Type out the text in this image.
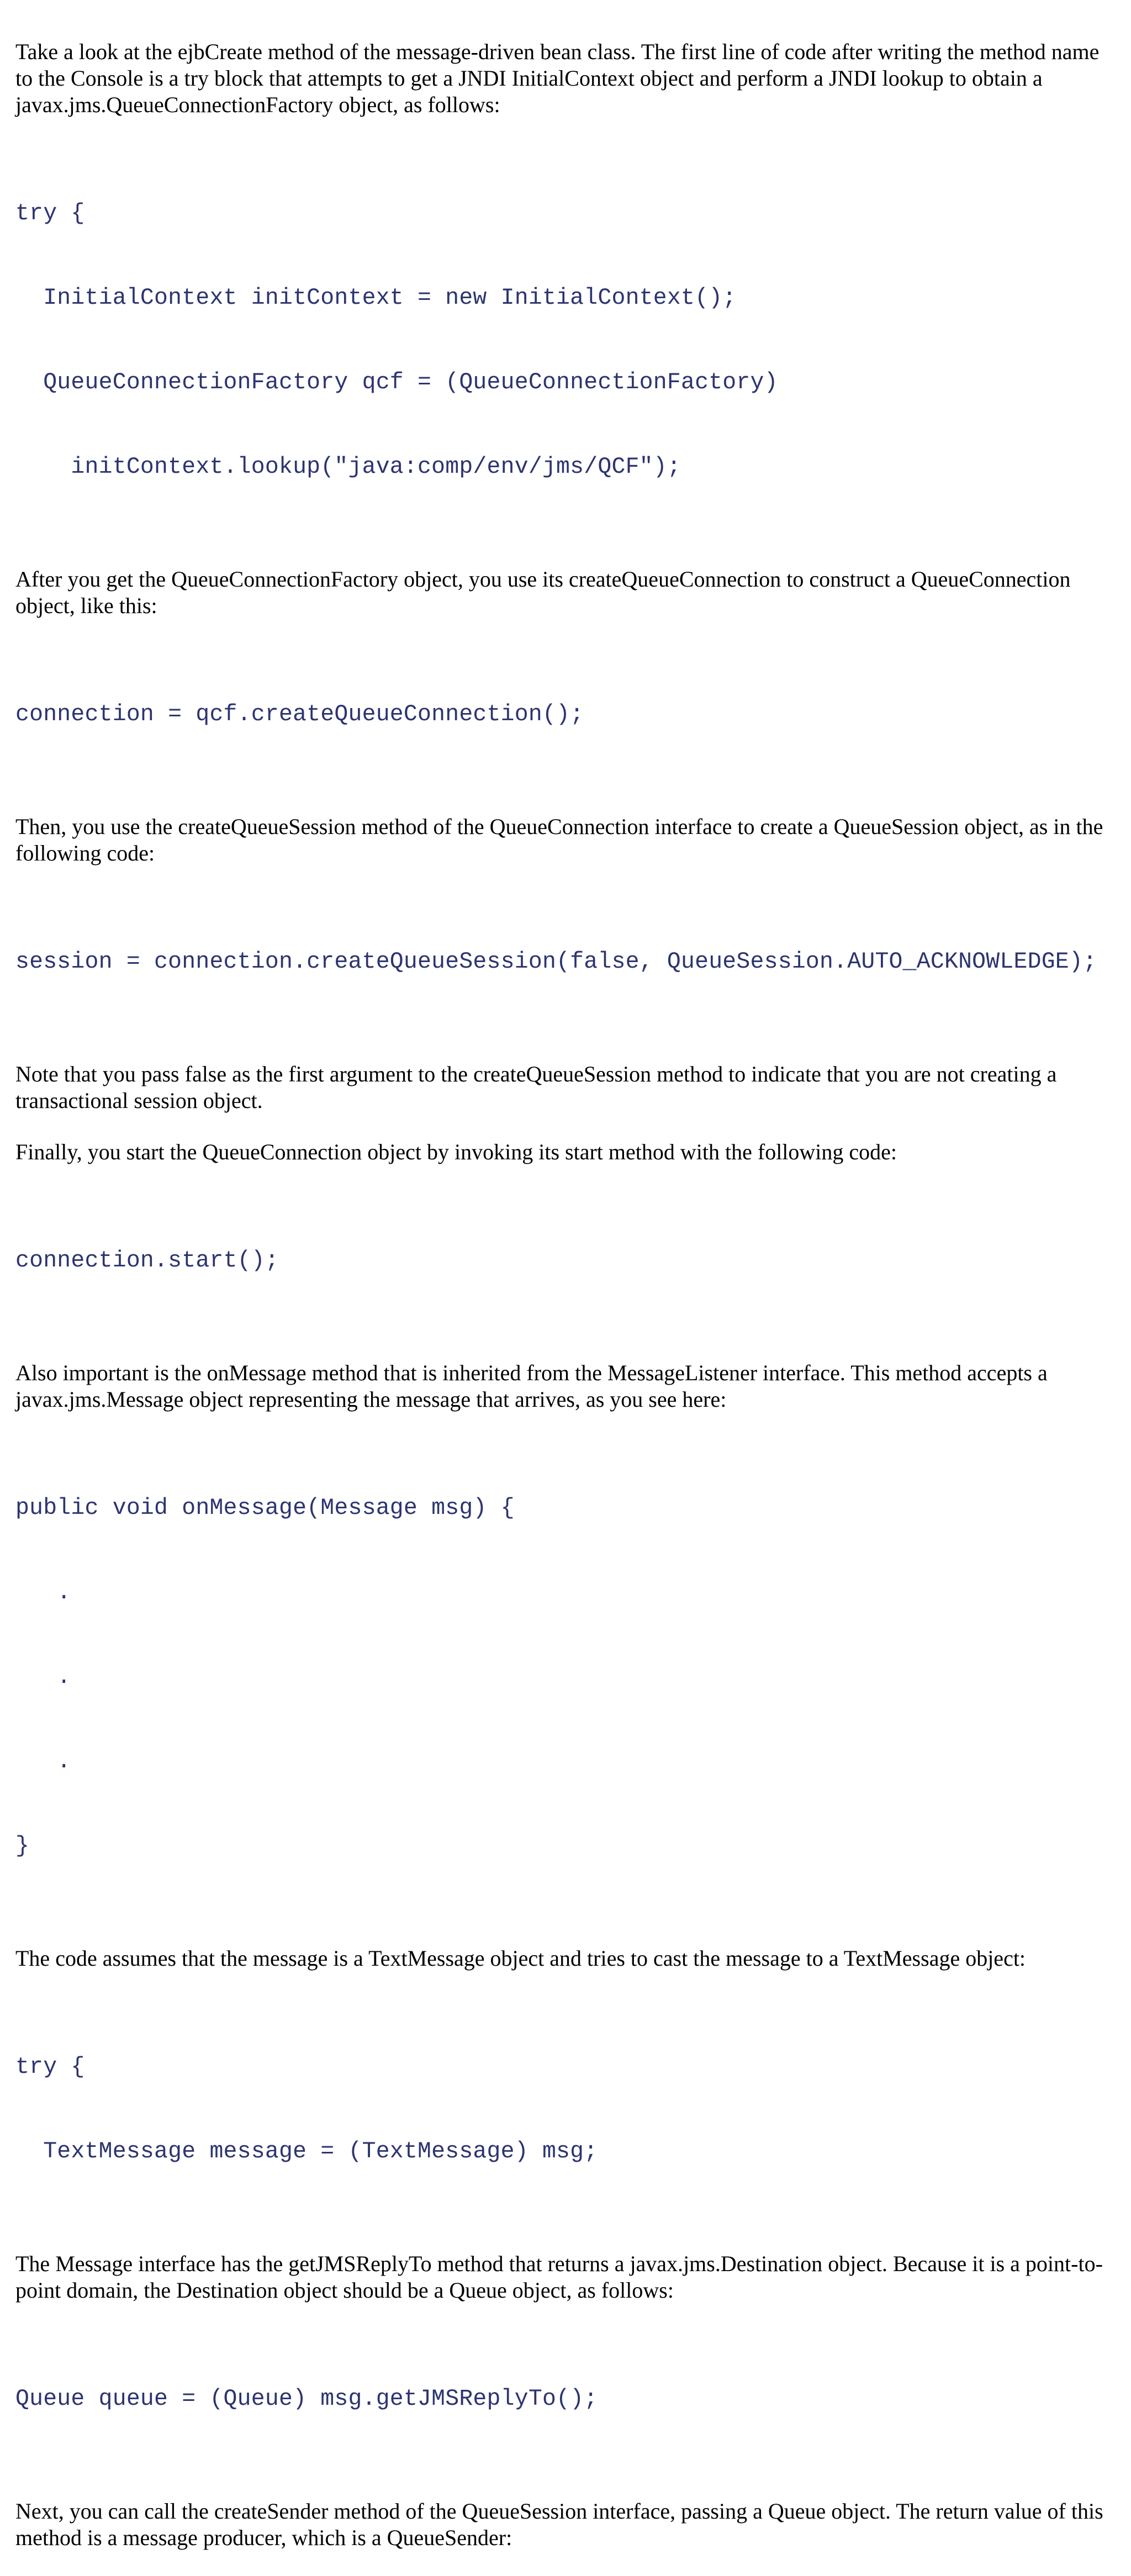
Take a look at the ejbCreate method of the message-driven bean class. The first line of code after writing the method name to the Console is a try block that attempts to get a JNDI InitialContext object and perform a JNDI lookup to obtain a javax.jms.QueueConnectionFactory object, as follows:

try {

InitialContext initContext = new InitialContext();

QueueConnectionFactory qcf = (QueueConnectionFactory)

initContext.lookup("java:comp/env/jms/QCF");

After you get the QueueConnectionFactory object, you use its createQueueConnection to construct a QueueConnection object, like this:

connection = qcf.createQueueConnection();

Then, you use the createQueueSession method of the QueueConnection interface to create a QueueSession object, as in the following code:

session = connection.createQueueSession(false, QueueSession.AUTO_ACKNOWLEDGE);

Note that you pass false as the first argument to the createQueueSession method to indicate that you are not creating a transactional session object.

Finally, you start the QueueConnection object by invoking its start method with the following code:

connection.start();

Also important is the onMessage method that is inherited from the MessageListener interface. This method accepts a javax.jms.Message object representing the message that arrives, as you see here:

public void onMessage(Message msg) {

.

.

.

}

The code assumes that the message is a TextMessage object and tries to cast the message to a TextMessage object:

try {

TextMessage message = (TextMessage) msg;

The Message interface has the getJMSReplyTo method that returns a javax.jms.Destination object. Because it is a point-to-point domain, the Destination object should be a Queue object, as follows:

Queue queue = (Queue) msg.getJMSReplyTo();

Next, you can call the createSender method of the QueueSession interface, passing a Queue object. The return value of this method is a message producer, which is a QueueSender:
